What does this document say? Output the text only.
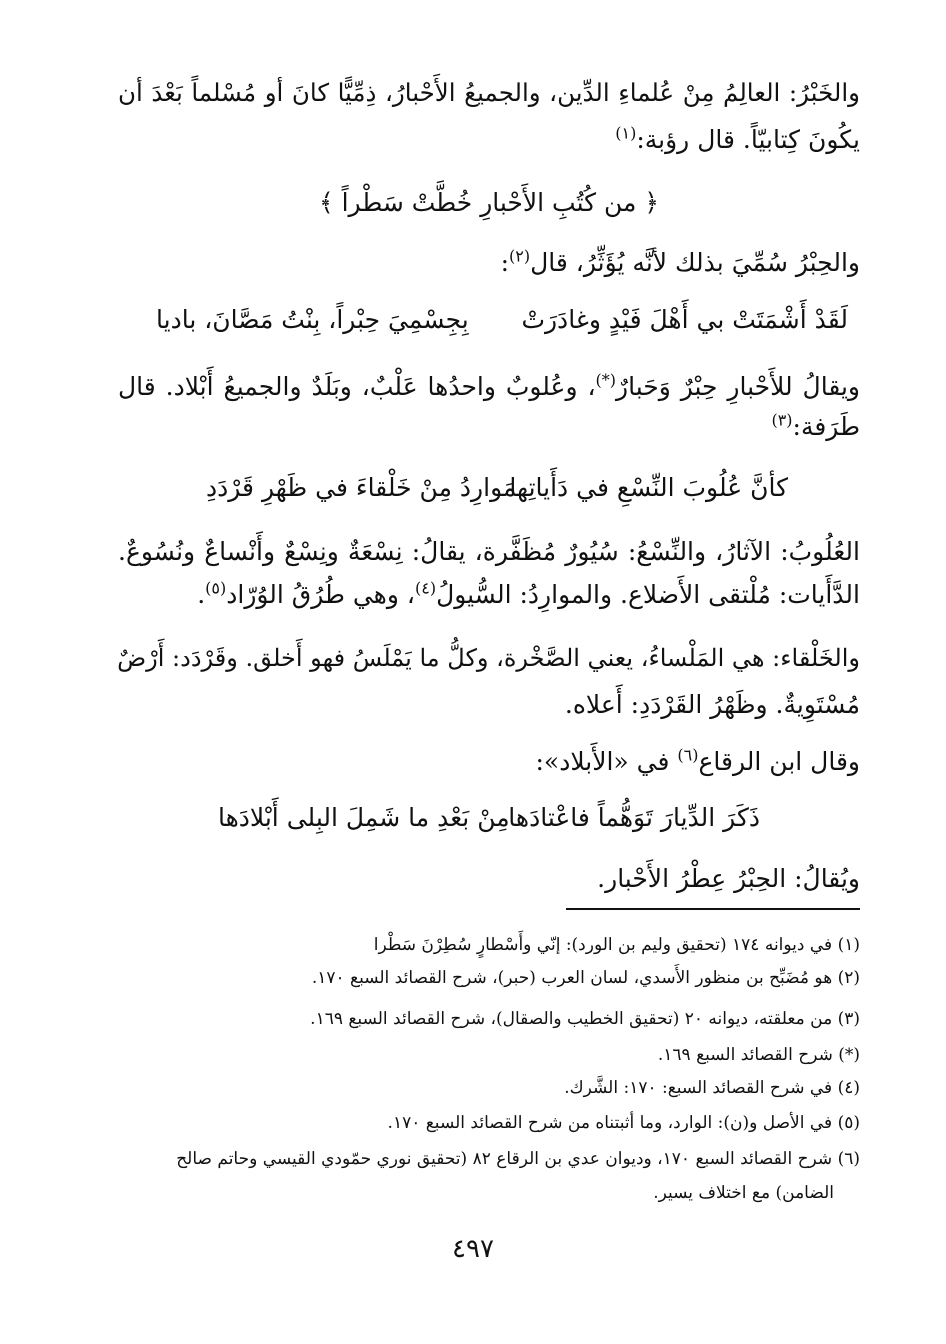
والخَبْرُ: العالِمُ مِنْ عُلماءِ الدِّين، والجميعُ الأَحْبارُ، ذِمِّيًّا كانَ أو مُسْلماً بَعْدَ أن
يكُونَ كِتابيّاً. قال رؤبة:$^{(١)}$
﴿ من كُتُبِ الأَحْبارِ خُطَّتْ سَطْراً ﴾
والحِبْرُ سُمِّيَ بذلك لأنَّه يُؤَثِّرُ، قال$^{(٢)}$:
لَقَدْ أَشْمَتَتْ بي أَهْلَ فَيْدٍ وغادَرَتْ
بِجِسْمِيَ حِبْراً، بِنْتُ مَصَّانَ، باديا
ويقالُ للأَحْبارِ حِبْرٌ وَحَبارٌ(*)، وعُلوبٌ واحدُها عَلْبٌ، وبَلَدٌ والجميعُ أَبْلاد. قال
طَرَفة:$^{(٣)}$
كأنَّ عُلُوبَ النِّسْعِ في دَأَياتِها
مَوارِدُ مِنْ خَلْقاءَ في ظَهْرِ قَرْدَدِ
العُلُوبُ: الآثارُ، والنِّسْعُ: سُيُورٌ مُظَفَّرة، يقالُ: نِسْعَةٌ ونِسْعٌ وأَنْساعٌ ونُسُوعٌ.
الدَّأَيات: مُلْتقى الأَضلاع. والموارِدُ: السُّيولُ$^{(٤)}$، وهي طُرُقُ الوُرّاد$^{(٥)}$.
والخَلْقاء: هي المَلْساءُ، يعني الصَّخْرة، وكلُّ ما يَمْلَسُ فهو أَخلق. وقَرْدَد: أَرْضٌ
مُسْتَوِيةٌ. وظَهْرُ القَرْدَدِ: أَعلاه.
وقال ابن الرقاع$^{(٦)}$ في «الأَبلاد»:
ذَكَرَ الدِّيارَ تَوَهُّماً فاعْتادَها
مِنْ بَعْدِ ما شَمِلَ البِلى أَبْلادَها
ويُقالُ: الحِبْرُ عِطْرُ الأَحْبار.
(١) في ديوانه ١٧٤ (تحقيق وليم بن الورد): إنّي وأَسْطارٍ سُطِرْنَ سَطْرا
(٢) هو مُضَبِّح بن منظور الأَسدي، لسان العرب (حبر)، شرح القصائد السبع ١٧٠.
(٣) من معلقته، ديوانه ٢٠ (تحقيق الخطيب والصقال)، شرح القصائد السبع ١٦٩.
(*) شرح القصائد السبع ١٦٩.
(٤) في شرح القصائد السبع: ١٧٠: الشَّرك.
(٥) في الأصل و(ن): الوارد، وما أثبتناه من شرح القصائد السبع ١٧٠.
(٦) شرح القصائد السبع ١٧٠، وديوان عدي بن الرقاع ٨٢ (تحقيق نوري حمّودي القيسي وحاتم صالح
الضامن) مع اختلاف يسير.
٤٩٧
